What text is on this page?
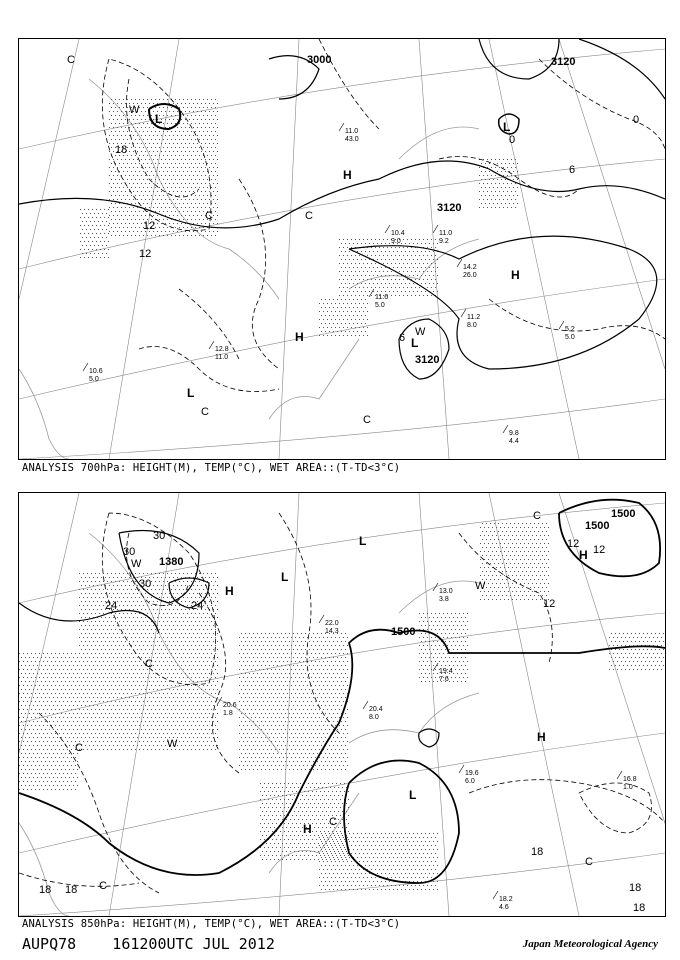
3000	3120
3120
3120
H
H
H
L
L
L
L
C
C	C
C
C
W
W
18
12
12
0
0
6
6
9.8
4.4
5.2
5.0
11.2
8.0
14.2
26.0
11.6
5.0
10.6
5.0
12.8
11.0
11.0
43.0
10.4
9.0
11.0
9.2
ANALYSIS 700hPa: HEIGHT(M), TEMP(°C), WET AREA::(T-TD<3°C)
1380
1500
1500
1500
H
H
H
H
L
L
L
C
C
C
C
C
C
W
W
W
30
30
30
24	24
18
18
18 18
18
12
12 12
16.8
1.0
19.6
6.0
18.2
4.6
20.6
1.8
22.0
14.3
20.4
8.0
19.4
7.6
13.0
3.8
ANALYSIS 850hPa: HEIGHT(M), TEMP(°C), WET AREA::(T-TD<3°C)
AUPQ78    161200UTC JUL 2012	Japan Meteorological Agency
